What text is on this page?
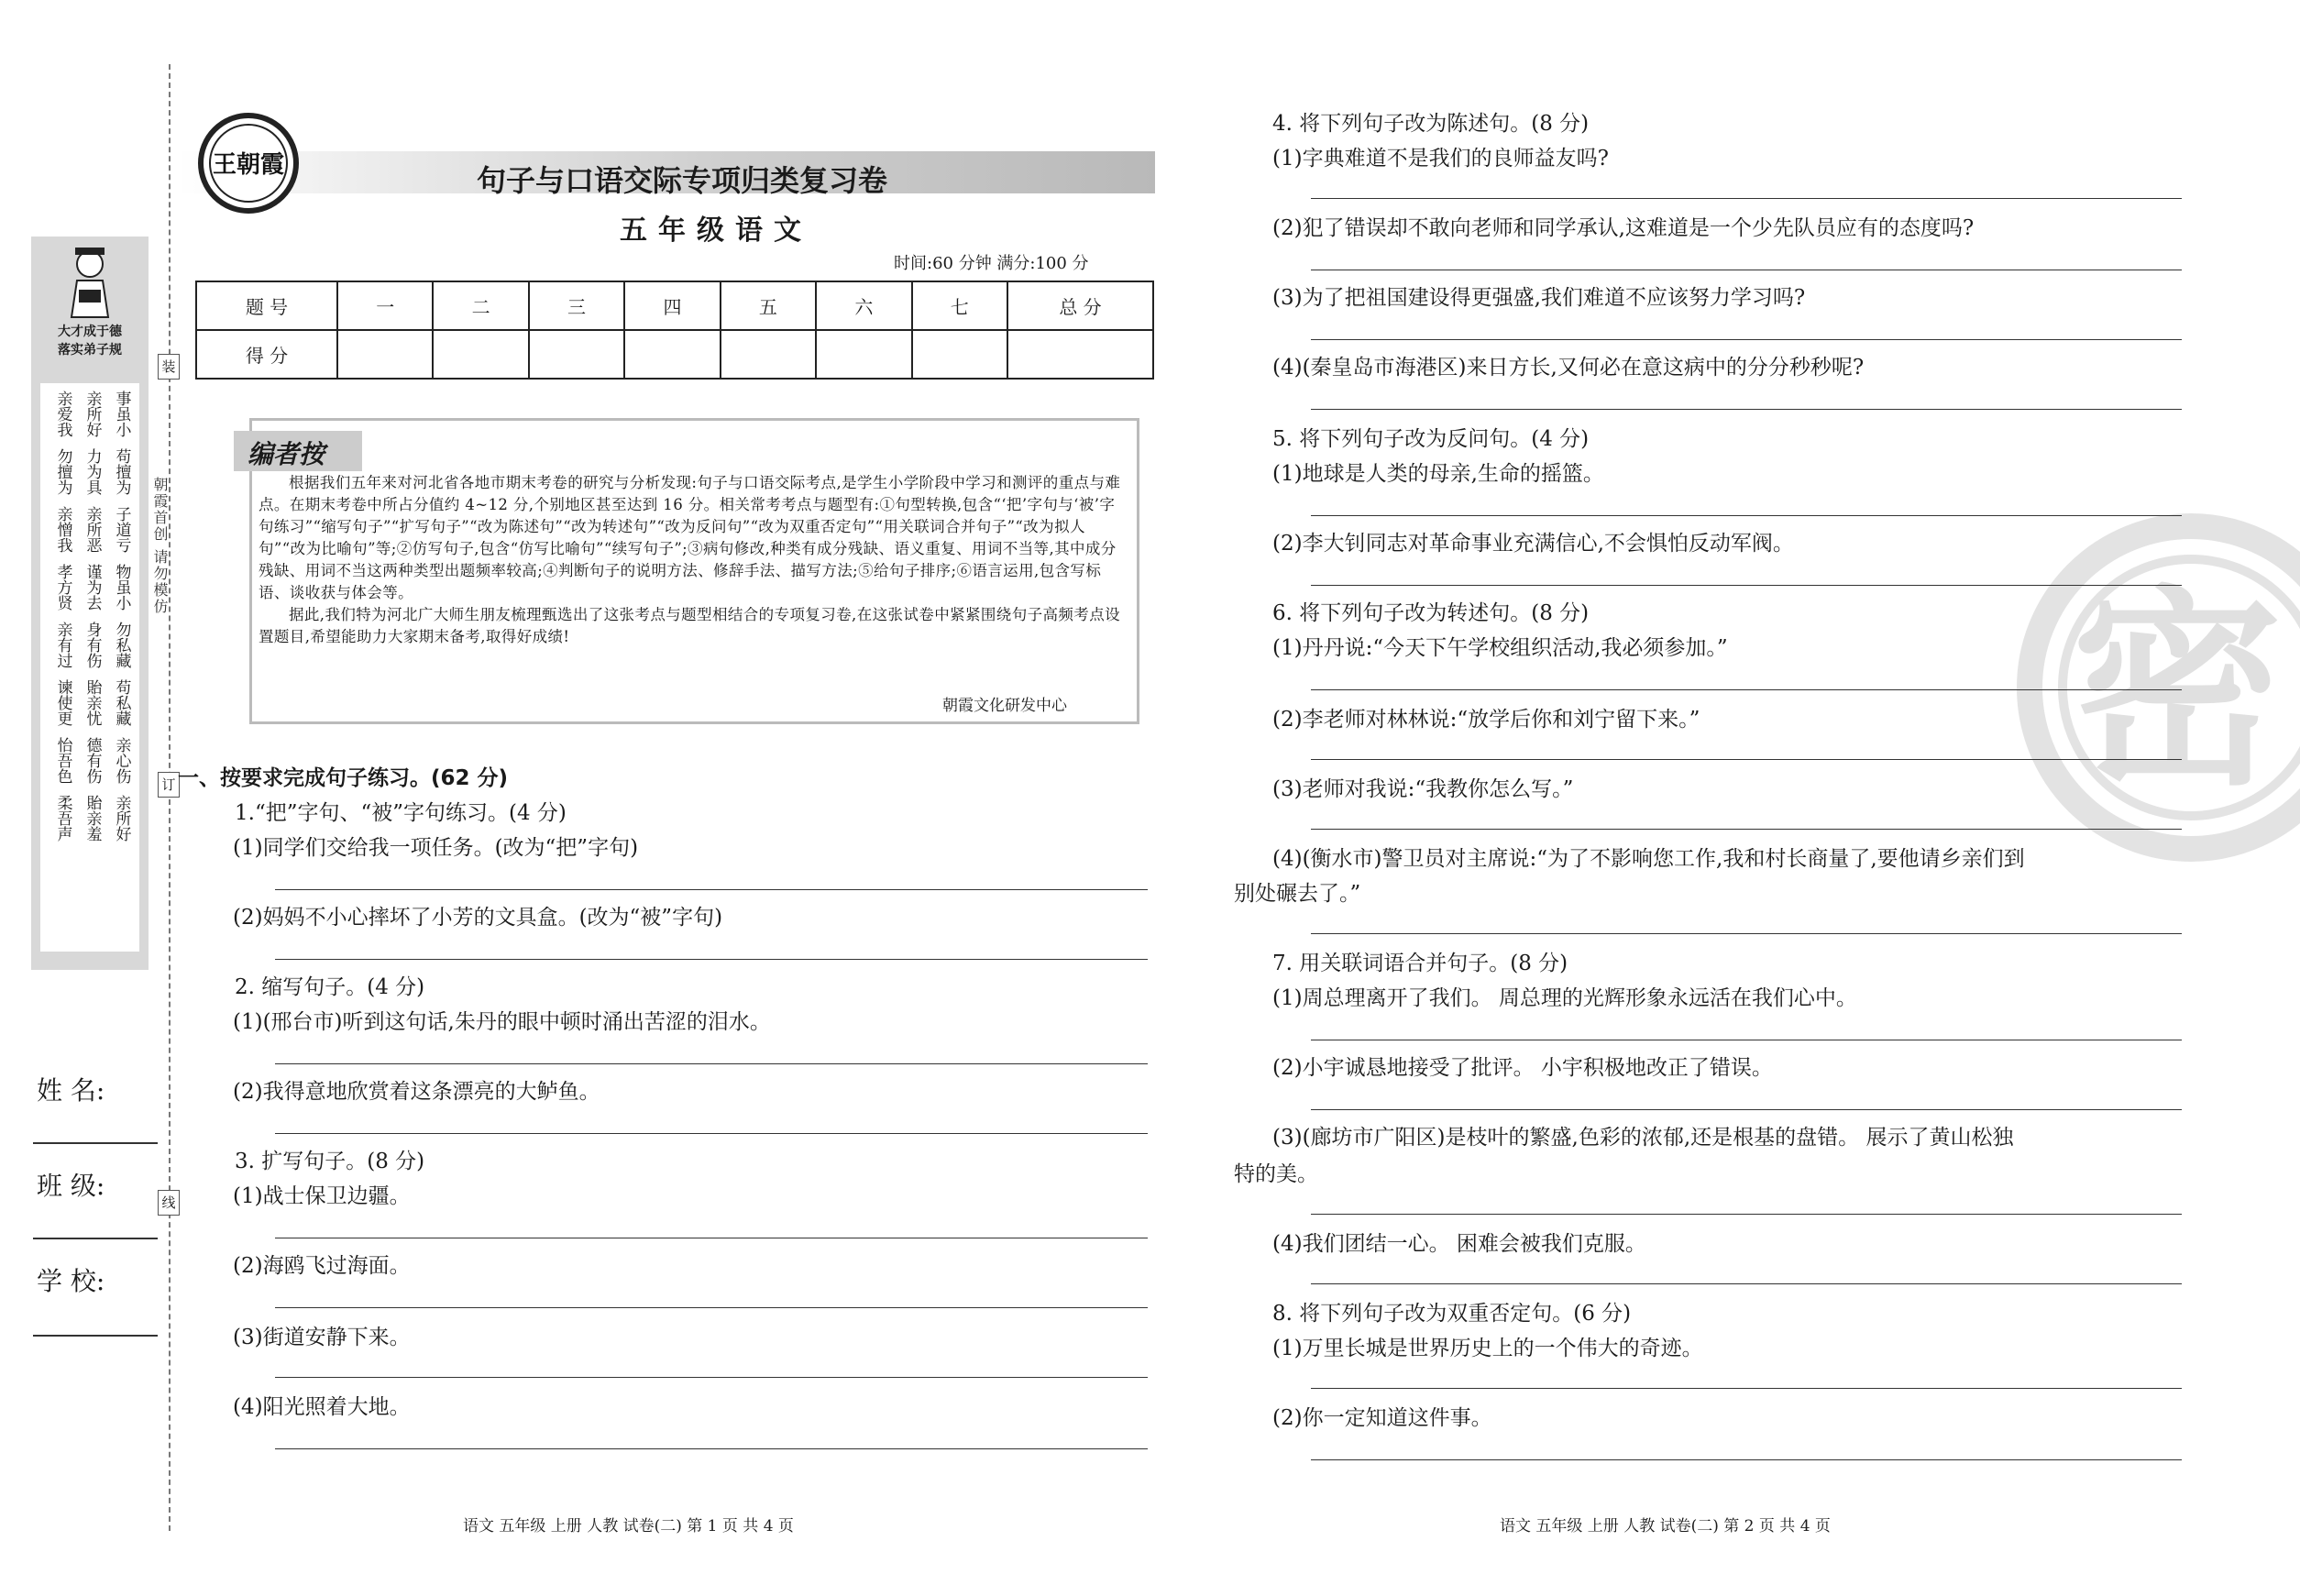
装
订
线
朝霞首创 请勿模仿
大才成于德
落实弟子规
亲爱我 亲所好 事虽小
勿擅为 力为具 苟擅为
亲憎我 亲所恶 子道亏
孝方贤 谨为去 物虽小
亲有过 身有伤 勿私藏
谏使更 貽亲忧 苟私藏
怡吾色 德有伤 亲心伤
柔吾声 貽亲羞 亲所好
姓 名:
班 级:
学 校:
王朝霞	句子与口语交际专项归类复习卷
五年级语文
时间:60 分钟 满分:100 分
题 号	一	二	三	四	五	六	七	总 分
得 分								
编者按

根据我们五年来对河北省各地市期末考卷的研究与分析发现:句子与口语交际考点,是学生小学阶段中学习和测评的重点与难点。在期末考卷中所占分值约 4~12 分,个别地区甚至达到 16 分。相关常考考点与题型有:①句型转换,包含“‘把’字句与‘被’字句练习”“缩写句子”“扩写句子”“改为陈述句”“改为转述句”“改为反问句”“改为双重否定句”“用关联词合并句子”“改为拟人句”“改为比喻句”等;②仿写句子,包含“仿写比喻句”“续写句子”;③病句修改,种类有成分残缺、语义重复、用词不当等,其中成分残缺、用词不当这两种类型出题频率较高;④判断句子的说明方法、修辞手法、描写方法;⑤给句子排序;⑥语言运用,包含写标语、谈收获与体会等。

据此,我们特为河北广大师生朋友梳理甄选出了这张考点与题型相结合的专项复习卷,在这张试卷中紧紧围绕句子高频考点设置题目,希望能助力大家期末备考,取得好成绩!

朝霞文化研发中心
一、按要求完成句子练习。(62 分)
1.“把”字句、“被”字句练习。(4 分)
(1)同学们交给我一项任务。(改为“把”字句)
(2)妈妈不小心摔坏了小芳的文具盒。(改为“被”字句)
2. 缩写句子。(4 分)
(1)(邢台市)听到这句话,朱丹的眼中顿时涌出苦涩的泪水。
(2)我得意地欣赏着这条漂亮的大鲈鱼。
3. 扩写句子。(8 分)
(1)战士保卫边疆。
(2)海鸥飞过海面。
(3)街道安静下来。
(4)阳光照着大地。
密
4. 将下列句子改为陈述句。(8 分)
(1)字典难道不是我们的良师益友吗?
(2)犯了错误却不敢向老师和同学承认,这难道是一个少先队员应有的态度吗?
(3)为了把祖国建设得更强盛,我们难道不应该努力学习吗?
(4)(秦皇岛市海港区)来日方长,又何必在意这病中的分分秒秒呢?
5. 将下列句子改为反问句。(4 分)
(1)地球是人类的母亲,生命的摇篮。
(2)李大钊同志对革命事业充满信心,不会惧怕反动军阀。
6. 将下列句子改为转述句。(8 分)
(1)丹丹说:“今天下午学校组织活动,我必须参加。”
(2)李老师对林林说:“放学后你和刘宁留下来。”
(3)老师对我说:“我教你怎么写。”
(4)(衡水市)警卫员对主席说:“为了不影响您工作,我和村长商量了,要他请乡亲们到
别处碾去了。”
7. 用关联词语合并句子。(8 分)
(1)周总理离开了我们。 周总理的光辉形象永远活在我们心中。
(2)小宇诚恳地接受了批评。 小宇积极地改正了错误。
(3)(廊坊市广阳区)是枝叶的繁盛,色彩的浓郁,还是根基的盘错。 展示了黄山松独
特的美。
(4)我们团结一心。 困难会被我们克服。
8. 将下列句子改为双重否定句。(6 分)
(1)万里长城是世界历史上的一个伟大的奇迹。
(2)你一定知道这件事。
语文 五年级 上册 人教 试卷(二) 第 1 页 共 4 页	语文 五年级 上册 人教 试卷(二) 第 2 页 共 4 页
